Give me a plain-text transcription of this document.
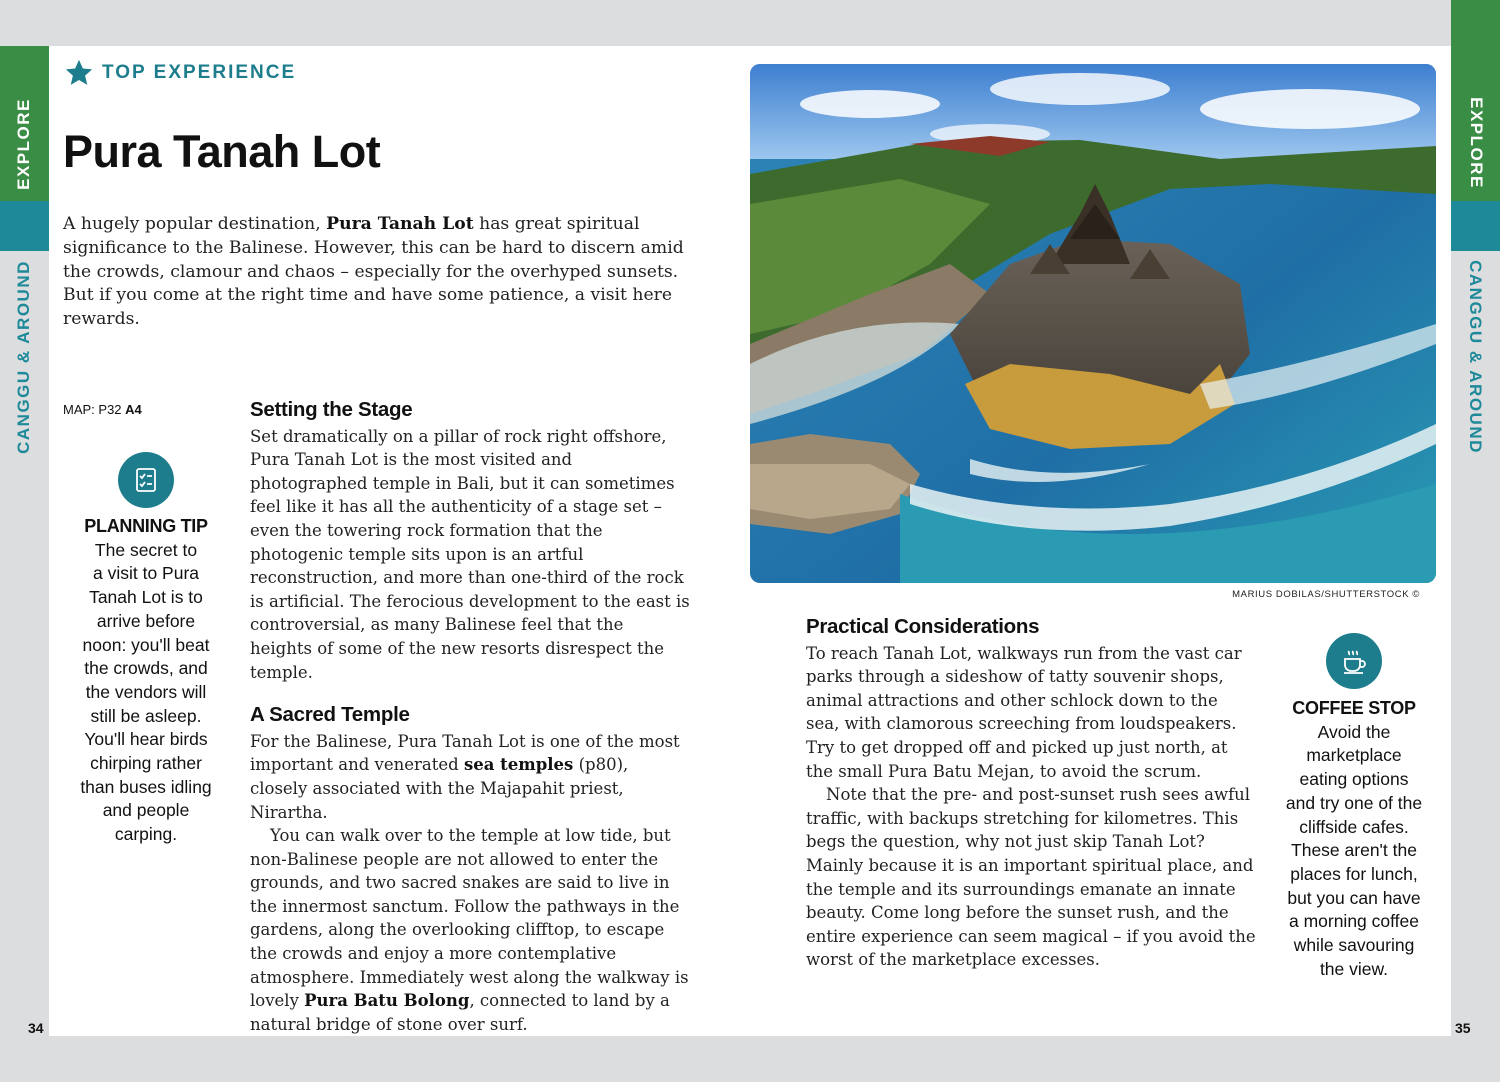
EXPLORE
CANGGU & AROUND
EXPLORE
CANGGU & AROUND
TOP EXPERIENCE
Pura Tanah Lot
A hugely popular destination, Pura Tanah Lot has great spiritual significance to the Balinese. However, this can be hard to discern amid the crowds, clamour and chaos – especially for the overhyped sunsets. But if you come at the right time and have some patience, a visit here rewards.
MAP: P32 A4
PLANNING TIP
The secret to
a visit to Pura
Tanah Lot is to
arrive before
noon: you'll beat
the crowds, and
the vendors will
still be asleep.
You'll hear birds
chirping rather
than buses idling
and people
carping.
Setting the Stage

Set dramatically on a pillar of rock right offshore, Pura Tanah Lot is the most visited and photographed temple in Bali, but it can sometimes feel like it has all the authenticity of a stage set – even the towering rock formation that the photogenic temple sits upon is an artful reconstruction, and more than one-third of the rock is artificial. The ferocious development to the east is controversial, as many Balinese feel that the heights of some of the new resorts disrespect the temple.

A Sacred Temple

For the Balinese, Pura Tanah Lot is one of the most important and venerated sea temples (p80), closely associated with the Majapahit priest, Nirartha.

You can walk over to the temple at low tide, but non-Balinese people are not allowed to enter the grounds, and two sacred snakes are said to live in the innermost sanctum. Follow the pathways in the gardens, along the overlooking clifftop, to escape the crowds and enjoy a more contemplative atmosphere. Immediately west along the walkway is lovely Pura Batu Bolong, connected to land by a natural bridge of stone over surf.

MARIUS DOBILAS/SHUTTERSTOCK ©
Practical Considerations

To reach Tanah Lot, walkways run from the vast car parks through a sideshow of tatty souvenir shops, animal attractions and other schlock down to the sea, with clamorous screeching from loudspeakers. Try to get dropped off and picked up just north, at the small Pura Batu Mejan, to avoid the scrum.

Note that the pre- and post-sunset rush sees awful traffic, with backups stretching for kilometres. This begs the question, why not just skip Tanah Lot? Mainly because it is an important spiritual place, and the temple and its surroundings emanate an innate beauty. Come long before the sunset rush, and the entire experience can seem magical – if you avoid the worst of the marketplace excesses.

COFFEE STOP
Avoid the
marketplace
eating options
and try one of the
cliffside cafes.
These aren't the
places for lunch,
but you can have
a morning coffee
while savouring
the view.
34	35
